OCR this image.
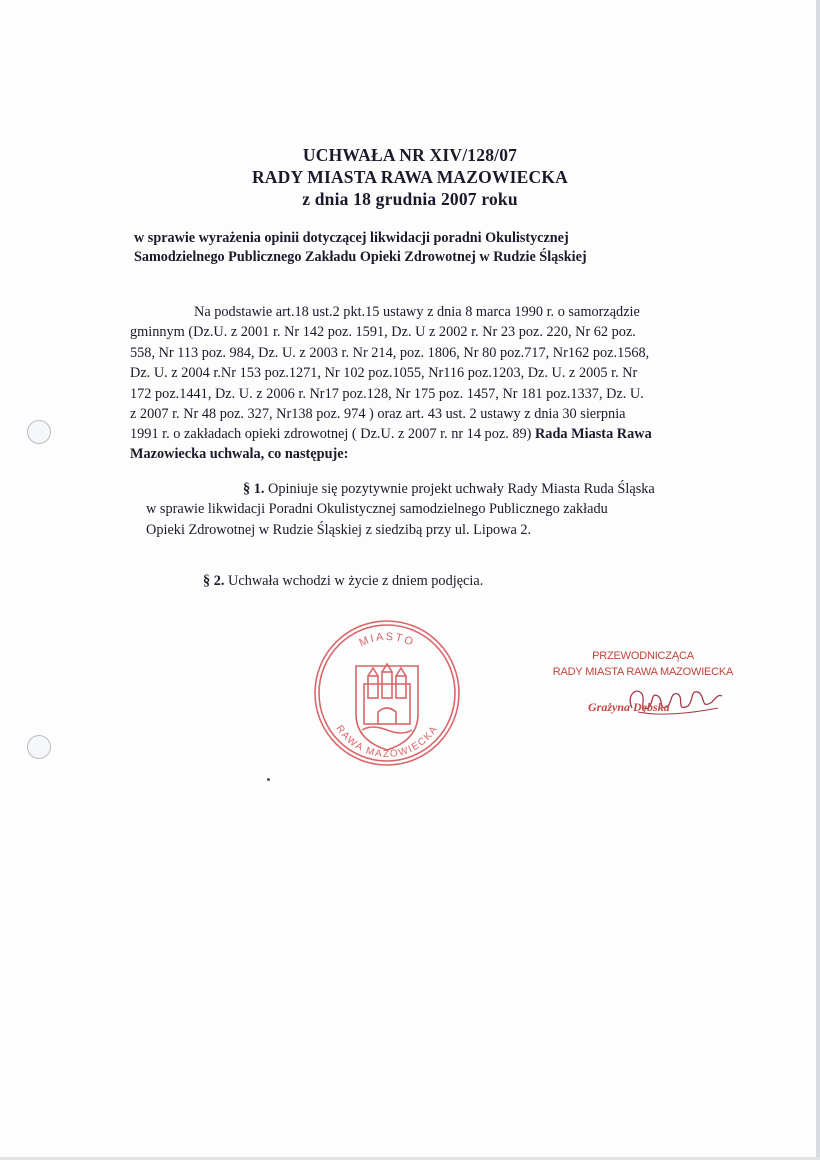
UCHWAŁA NR XIV/128/07
RADY MIASTA RAWA MAZOWIECKA
z dnia 18 grudnia 2007 roku
w sprawie wyrażenia opinii dotyczącej likwidacji poradni Okulistycznej
Samodzielnego Publicznego Zakładu Opieki Zdrowotnej w Rudzie Śląskiej
Na podstawie art.18 ust.2 pkt.15 ustawy z dnia 8 marca 1990 r. o samorządzie
gminnym (Dz.U. z 2001 r. Nr 142 poz. 1591, Dz. U z 2002 r. Nr 23 poz. 220, Nr 62 poz.
558, Nr 113 poz. 984, Dz. U. z 2003 r. Nr 214, poz. 1806, Nr 80 poz.717, Nr162 poz.1568,
Dz. U. z 2004 r.Nr 153 poz.1271, Nr 102 poz.1055, Nr116 poz.1203, Dz. U. z 2005 r. Nr
172 poz.1441, Dz. U. z 2006 r. Nr17 poz.128, Nr 175 poz. 1457, Nr 181 poz.1337, Dz. U.
z 2007 r. Nr 48 poz. 327, Nr138 poz. 974 ) oraz art. 43 ust. 2 ustawy z dnia 30 sierpnia
1991 r. o zakładach opieki zdrowotnej ( Dz.U. z 2007 r. nr 14 poz. 89) Rada Miasta Rawa
Mazowiecka uchwala, co następuje:
§ 1. Opiniuje się pozytywnie projekt uchwały Rady Miasta Ruda Śląska
w sprawie likwidacji Poradni Okulistycznej samodzielnego Publicznego zakładu
Opieki Zdrowotnej w Rudzie Śląskiej z siedzibą przy ul. Lipowa 2.
§ 2. Uchwała wchodzi w życie z dniem podjęcia.
MIASTO
RAWA MAZOWIECKA
PRZEWODNICZĄCA
RADY MIASTA RAWA MAZOWIECKA
Grażyna Dębska
